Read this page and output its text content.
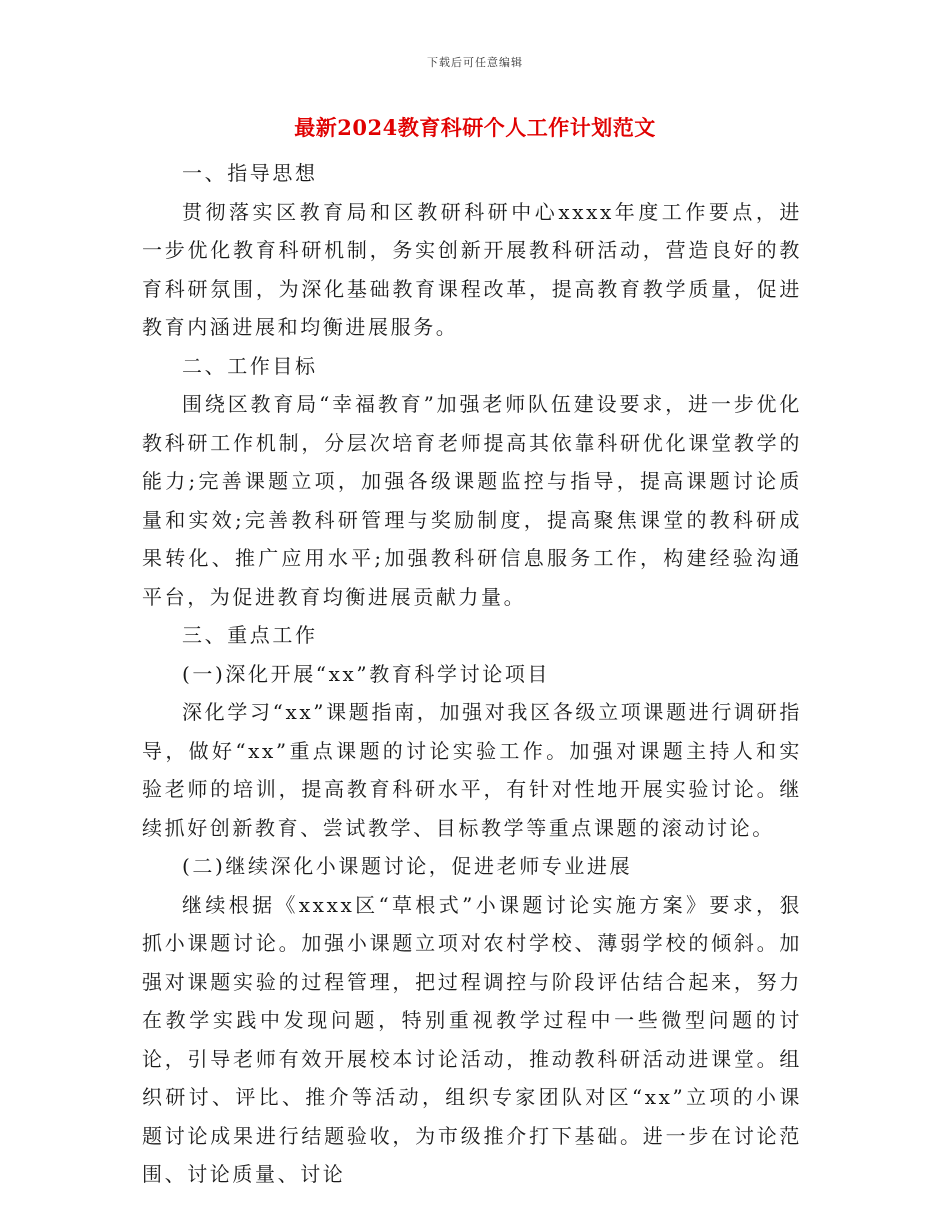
下载后可任意编辑
最新2024教育科研个人工作计划范文

一、指导思想

贯彻落实区教育局和区教研科研中心xxxx年度工作要点，进一步优化教育科研机制，务实创新开展教科研活动，营造良好的教育科研氛围，为深化基础教育课程改革，提高教育教学质量，促进教育内涵进展和均衡进展服务。

二、工作目标

围绕区教育局“幸福教育”加强老师队伍建设要求，进一步优化教科研工作机制，分层次培育老师提高其依靠科研优化课堂教学的能力;完善课题立项，加强各级课题监控与指导，提高课题讨论质量和实效;完善教科研管理与奖励制度，提高聚焦课堂的教科研成果转化、推广应用水平;加强教科研信息服务工作，构建经验沟通平台，为促进教育均衡进展贡献力量。

三、重点工作

(一)深化开展“xx”教育科学讨论项目

深化学习“xx”课题指南，加强对我区各级立项课题进行调研指导，做好“xx”重点课题的讨论实验工作。加强对课题主持人和实验老师的培训，提高教育科研水平，有针对性地开展实验讨论。继续抓好创新教育、尝试教学、目标教学等重点课题的滚动讨论。

(二)继续深化小课题讨论，促进老师专业进展

继续根据《xxxx区“草根式”小课题讨论实施方案》要求，狠抓小课题讨论。加强小课题立项对农村学校、薄弱学校的倾斜。加强对课题实验的过程管理，把过程调控与阶段评估结合起来，努力在教学实践中发现问题，特别重视教学过程中一些微型问题的讨论，引导老师有效开展校本讨论活动，推动教科研活动进课堂。组织研讨、评比、推介等活动，组织专家团队对区“xx”立项的小课题讨论成果进行结题验收，为市级推介打下基础。进一步在讨论范围、讨论质量、讨论
